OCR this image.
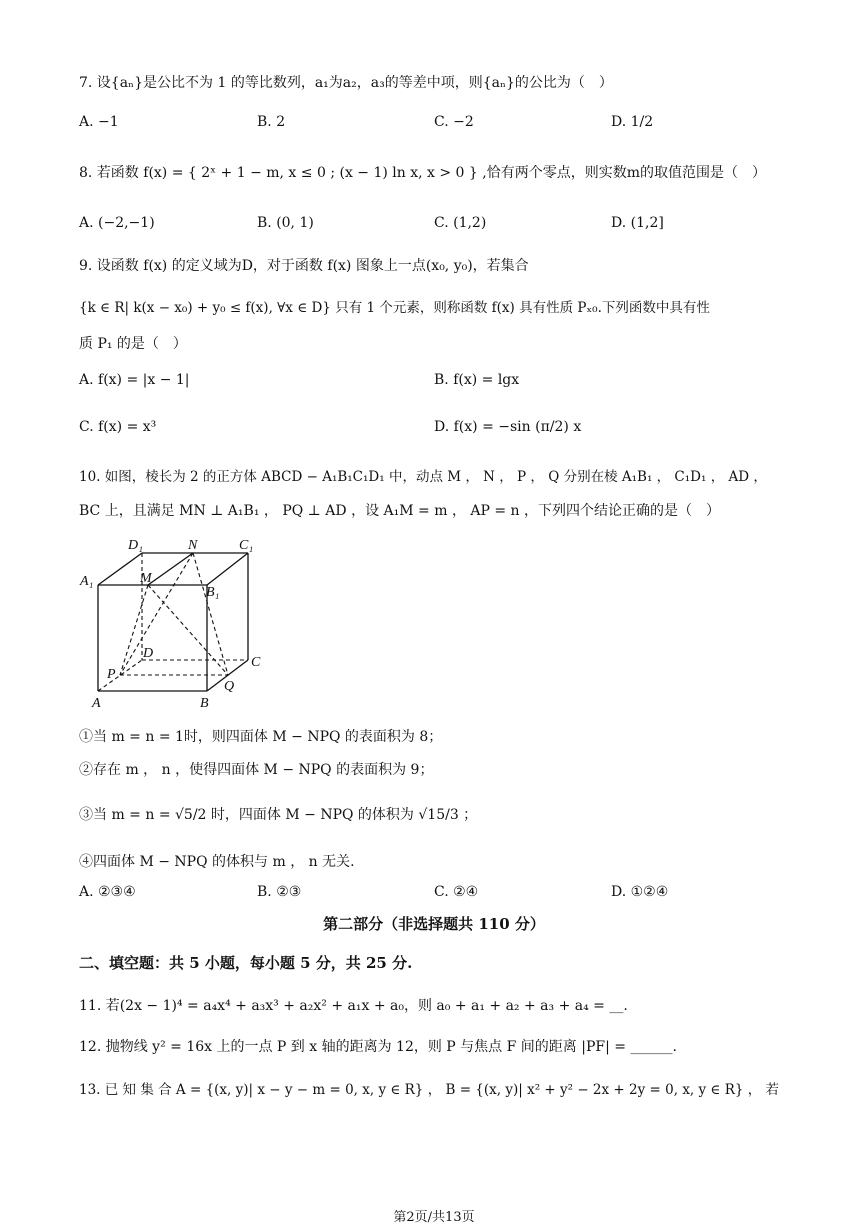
7. 设{aₙ}是公比不为 1 的等比数列，a₁为a₂，a₃的等差中项，则{aₙ}的公比为（　）
A. −1	B. 2	C. −2	D. 1/2
8. 若函数 f(x) = { 2ˣ + 1 − m, x ≤ 0 ; (x − 1) ln x, x > 0 } ,恰有两个零点，则实数m的取值范围是（　）
A. (−2,−1)	B. (0, 1)	C. (1,2)	D. (1,2]
9. 设函数 f(x) 的定义域为D，对于函数 f(x) 图象上一点(x₀, y₀)，若集合
{k ∈ R| k(x − x₀) + y₀ ≤ f(x), ∀x ∈ D} 只有 1 个元素，则称函数 f(x) 具有性质 Pₓ₀.下列函数中具有性
质 P₁ 的是（　）
A. f(x) = |x − 1|	B. f(x) = lgx
C. f(x) = x³	D. f(x) = −sin (π/2) x
10. 如图，棱长为 2 的正方体 ABCD − A₁B₁C₁D₁ 中，动点 M ， N ， P ， Q 分别在棱 A₁B₁ ， C₁D₁ ， AD ，
BC 上，且满足 MN ⊥ A₁B₁ ， PQ ⊥ AD ，设 A₁M = m ， AP = n ，下列四个结论正确的是（　）
D₁	N	C₁
A₁	M
B₁
D
C
P
Q
A	B
①当 m = n = 1时，则四面体 M − NPQ 的表面积为 8；
②存在 m ， n ，使得四面体 M − NPQ 的表面积为 9；
③当 m = n = √5/2 时，四面体 M − NPQ 的体积为 √15/3 ；
④四面体 M − NPQ 的体积与 m ， n 无关.
A. ②③④	B. ②③	C. ②④	D. ①②④
第二部分（非选择题共 110 分）
二、填空题：共 5 小题，每小题 5 分，共 25 分.
11. 若(2x − 1)⁴ = a₄x⁴ + a₃x³ + a₂x² + a₁x + a₀，则 a₀ + a₁ + a₂ + a₃ + a₄ = __.
12. 抛物线 y² = 16x 上的一点 P 到 x 轴的距离为 12，则 P 与焦点 F 间的距离 |PF| = ______.
13. 已 知 集 合 A = {(x, y)| x − y − m = 0, x, y ∈ R} ， B = {(x, y)| x² + y² − 2x + 2y = 0, x, y ∈ R} ， 若
第2页/共13页
